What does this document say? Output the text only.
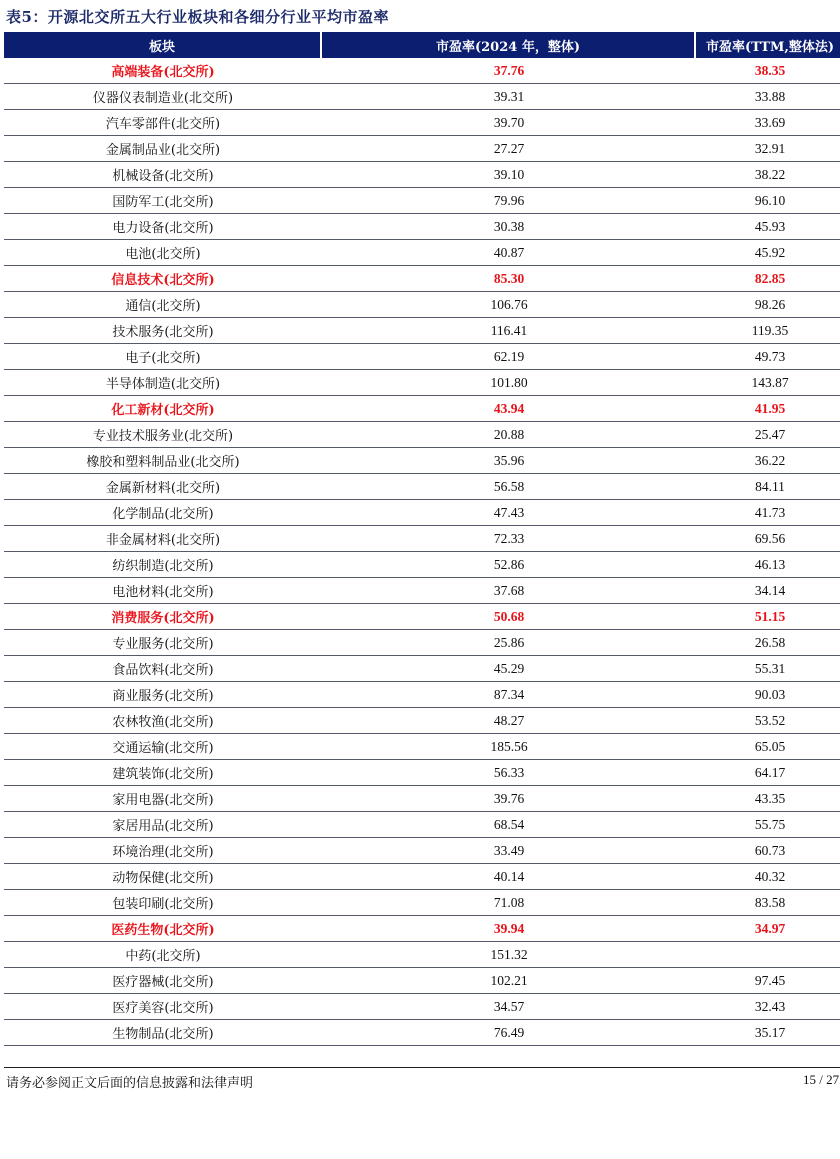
表5：开源北交所五大行业板块和各细分行业平均市盈率
板块	市盈率(2024 年，整体)	市盈率(TTM,整体法)
高端装备(北交所)	37.76	38.35
仪器仪表制造业(北交所)	39.31	33.88
汽车零部件(北交所)	39.70	33.69
金属制品业(北交所)	27.27	32.91
机械设备(北交所)	39.10	38.22
国防军工(北交所)	79.96	96.10
电力设备(北交所)	30.38	45.93
电池(北交所)	40.87	45.92
信息技术(北交所)	85.30	82.85
通信(北交所)	106.76	98.26
技术服务(北交所)	116.41	119.35
电子(北交所)	62.19	49.73
半导体制造(北交所)	101.80	143.87
化工新材(北交所)	43.94	41.95
专业技术服务业(北交所)	20.88	25.47
橡胶和塑料制品业(北交所)	35.96	36.22
金属新材料(北交所)	56.58	84.11
化学制品(北交所)	47.43	41.73
非金属材料(北交所)	72.33	69.56
纺织制造(北交所)	52.86	46.13
电池材料(北交所)	37.68	34.14
消费服务(北交所)	50.68	51.15
专业服务(北交所)	25.86	26.58
食品饮料(北交所)	45.29	55.31
商业服务(北交所)	87.34	90.03
农林牧渔(北交所)	48.27	53.52
交通运输(北交所)	185.56	65.05
建筑装饰(北交所)	56.33	64.17
家用电器(北交所)	39.76	43.35
家居用品(北交所)	68.54	55.75
环境治理(北交所)	33.49	60.73
动物保健(北交所)	40.14	40.32
包装印刷(北交所)	71.08	83.58
医药生物(北交所)	39.94	34.97
中药(北交所)	151.32
医疗器械(北交所)	102.21	97.45
医疗美容(北交所)	34.57	32.43
生物制品(北交所)	76.49	35.17
请务必参阅正文后面的信息披露和法律声明	15 / 27
